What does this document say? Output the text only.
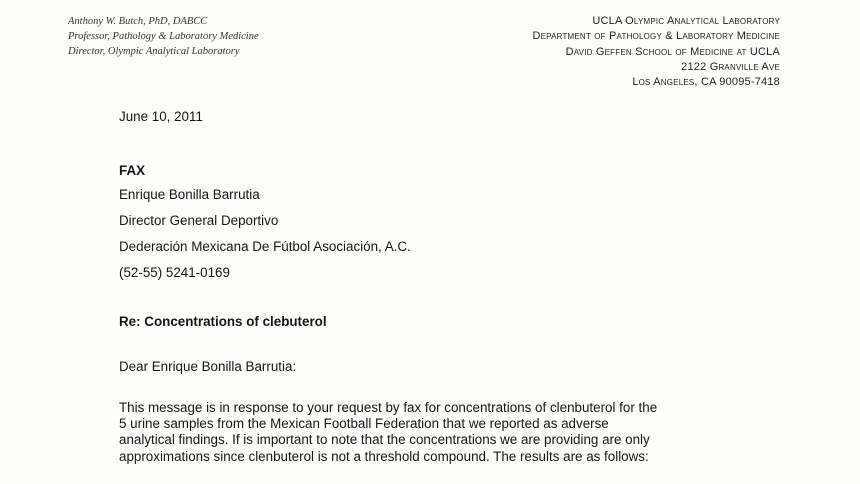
Anthony W. Butch, PhD, DABCC
Professor, Pathology & Laboratory Medicine
Director, Olympic Analytical Laboratory
UCLA Olympic Analytical Laboratory
Department of Pathology & Laboratory Medicine
David Geffen School of Medicine at UCLA
2122 Granville Ave
Los Angeles, CA 90095-7418
June 10, 2011
FAX
Enrique Bonilla Barrutia
Director General Deportivo
Dederación Mexicana De Fútbol Asociación, A.C.
(52-55) 5241-0169
Re: Concentrations of clebuterol
Dear Enrique Bonilla Barrutia:
This message is in response to your request by fax for concentrations of clenbuterol for the
5 urine samples from the Mexican Football Federation that we reported as adverse
analytical findings. If is important to note that the concentrations we are providing are only
approximations since clenbuterol is not a threshold compound. The results are as follows:
